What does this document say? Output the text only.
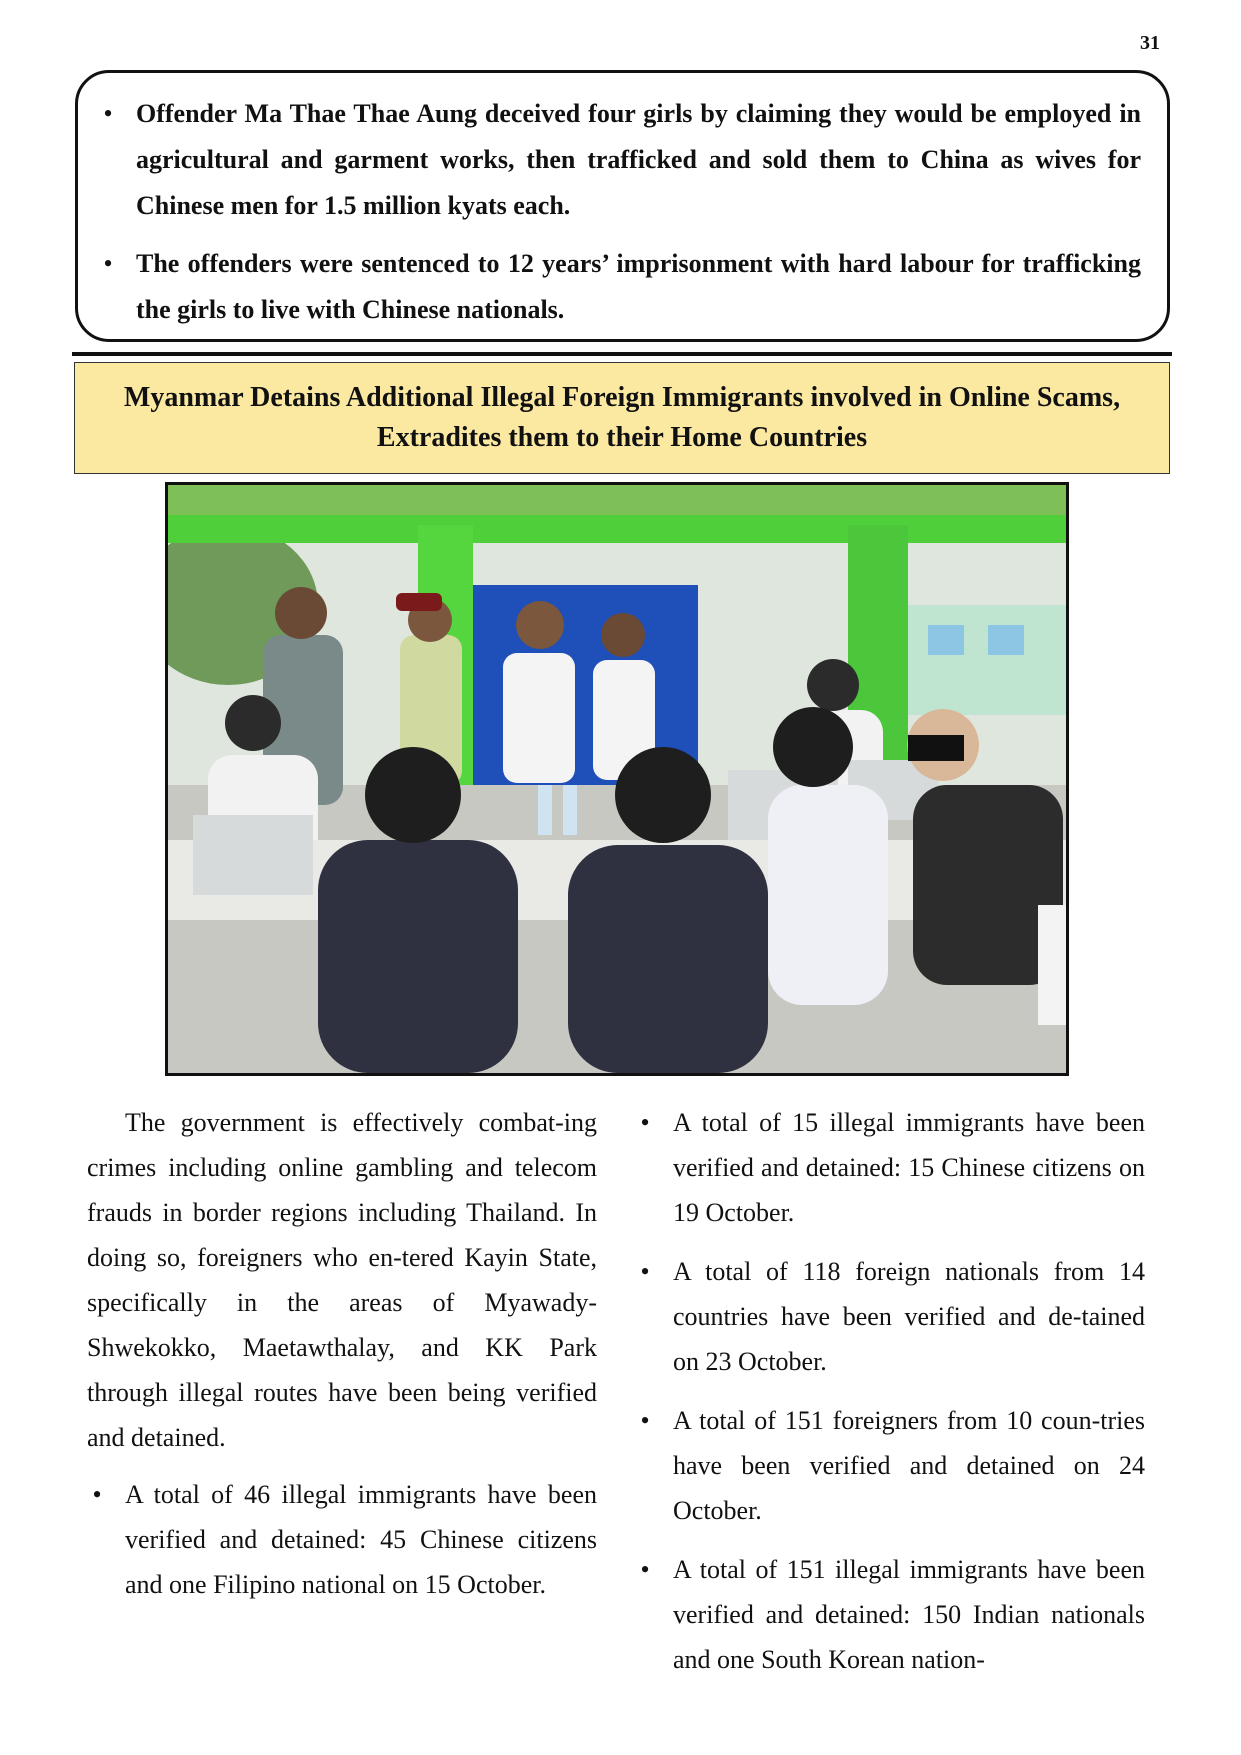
31
• Offender Ma Thae Thae Aung deceived four girls by claiming they would be employed in agricultural and garment works, then trafficked and sold them to China as wives for Chinese men for 1.5 million kyats each.
• The offenders were sentenced to 12 years’ imprisonment with hard labour for trafficking the girls to live with Chinese nationals.
Myanmar Detains Additional Illegal Foreign Immigrants involved in Online Scams, Extradites them to their Home Countries

The government is effectively combat-ing crimes including online gambling and telecom frauds in border regions including Thailand. In doing so, foreigners who en-tered Kayin State, specifically in the areas of Myawady-Shwekokko, Maetawthalay, and KK Park through illegal routes have been being verified and detained.

• A total of 46 illegal immigrants have been verified and detained: 45 Chinese citizens and one Filipino national on 15 October.
• A total of 15 illegal immigrants have been verified and detained: 15 Chinese citizens on 19 October.
• A total of 118 foreign nationals from 14 countries have been verified and de-tained on 23 October.
• A total of 151 foreigners from 10 coun-tries have been verified and detained on 24 October.
• A total of 151 illegal immigrants have been verified and detained: 150 Indian nationals and one South Korean nation-
